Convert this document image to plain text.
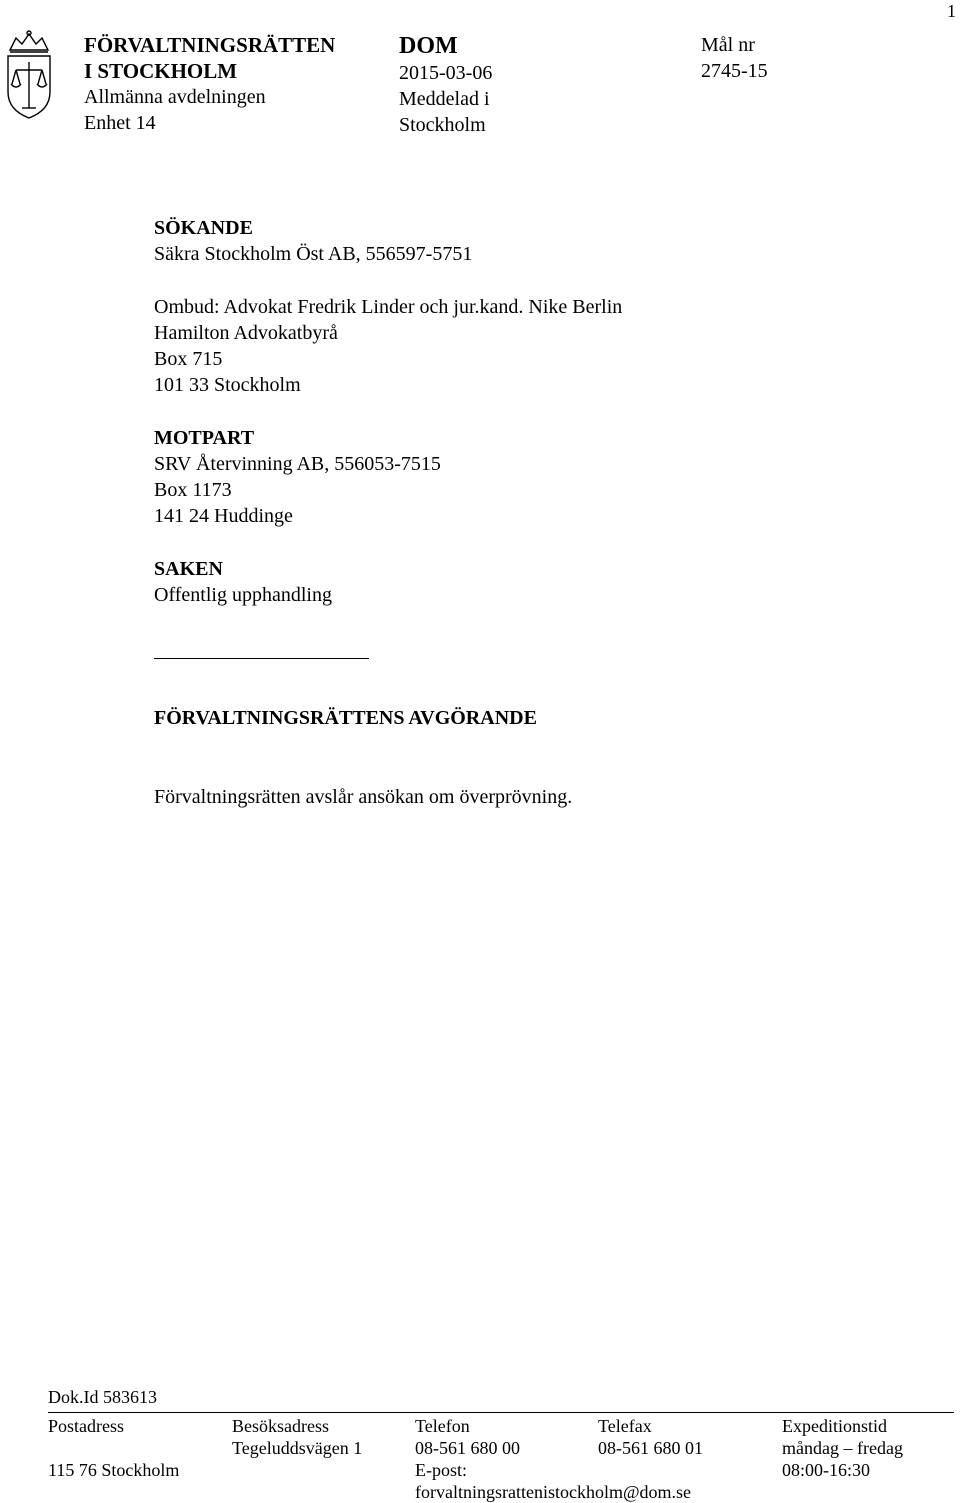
1
FÖRVALTNINGSRÄTTEN
I STOCKHOLM
Allmänna avdelningen
Enhet 14
DOM
2015-03-06
Meddelad i
Stockholm
Mål nr
2745-15
SÖKANDE
Säkra Stockholm Öst AB, 556597-5751
Ombud: Advokat Fredrik Linder och jur.kand. Nike Berlin
Hamilton Advokatbyrå
Box 715
101 33 Stockholm
MOTPART
SRV Återvinning AB, 556053-7515
Box 1173
141 24 Huddinge
SAKEN
Offentlig upphandling
FÖRVALTNINGSRÄTTENS AVGÖRANDE
Förvaltningsrätten avslår ansökan om överprövning.
Dok.Id 583613
Postadress
115 76 Stockholm
Besöksadress
Tegeluddsvägen 1
Telefon
08-561 680 00
E-post:
forvaltningsrattenistockholm@dom.se
Telefax
08-561 680 01
Expeditionstid
måndag – fredag
08:00-16:30
